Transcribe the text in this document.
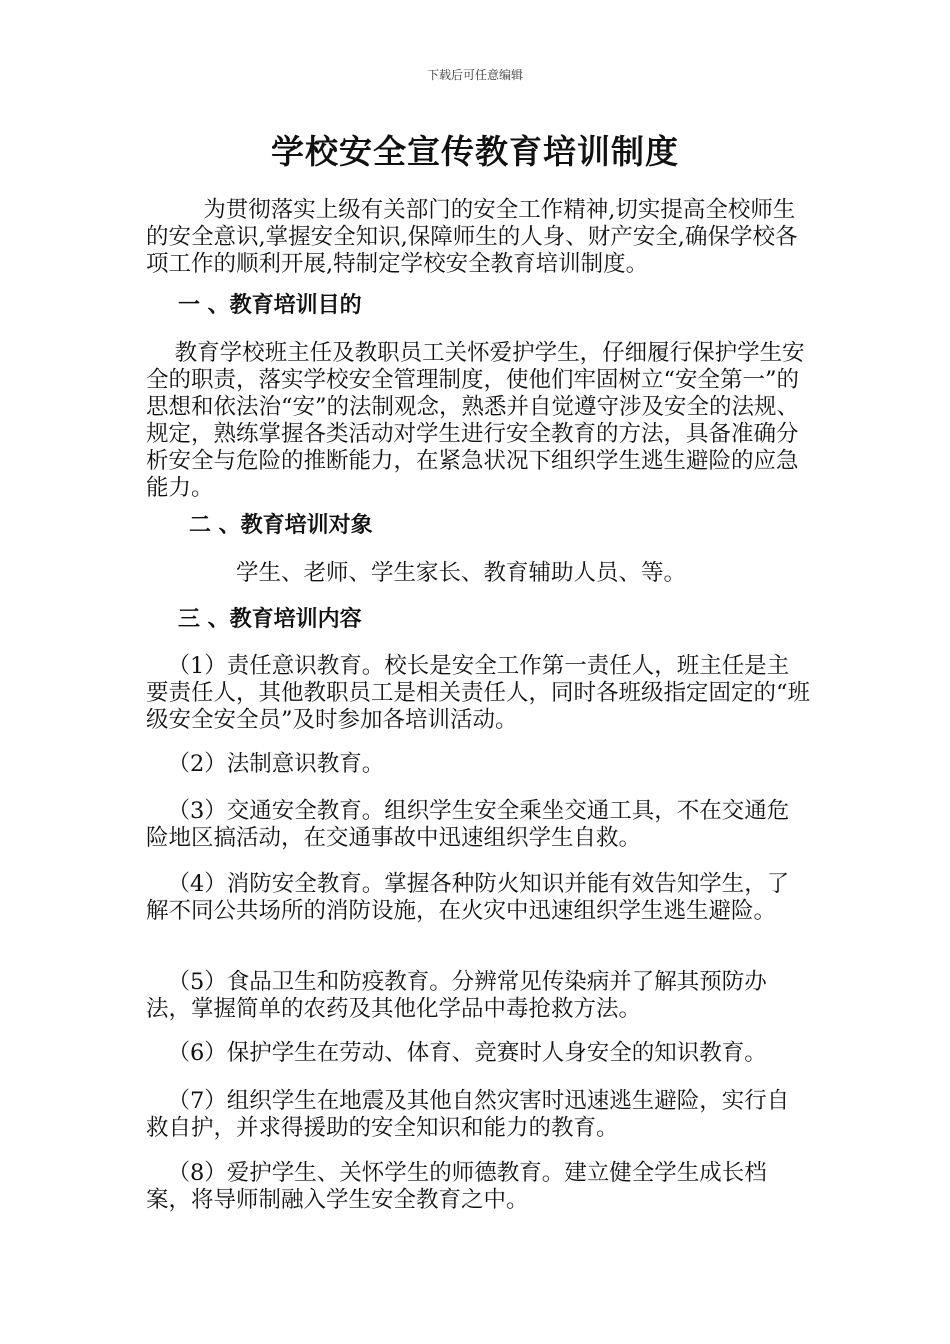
下载后可任意编辑
学校安全宣传教育培训制度

为贯彻落实上级有关部门的安全工作精神,切实提高全校师生的安全意识,掌握安全知识,保障师生的人身、财产安全,确保学校各项工作的顺利开展,特制定学校安全教育培训制度。

一 、教育培训目的

教育学校班主任及教职员工关怀爱护学生，仔细履行保护学生安全的职责，落实学校安全管理制度，使他们牢固树立“安全第一”的思想和依法治“安”的法制观念，熟悉并自觉遵守涉及安全的法规、规定，熟练掌握各类活动对学生进行安全教育的方法，具备准确分析安全与危险的推断能力，在紧急状况下组织学生逃生避险的应急能力。

二 、教育培训对象

学生、老师、学生家长、教育辅助人员、等。

三 、教育培训内容

（1）责任意识教育。校长是安全工作第一责任人，班主任是主要责任人，其他教职员工是相关责任人，同时各班级指定固定的“班级安全安全员”及时参加各培训活动。

（2）法制意识教育。

（3）交通安全教育。组织学生安全乘坐交通工具，不在交通危险地区搞活动，在交通事故中迅速组织学生自救。

（4）消防安全教育。掌握各种防火知识并能有效告知学生，了解不同公共场所的消防设施，在火灾中迅速组织学生逃生避险。

（5）食品卫生和防疫教育。分辨常见传染病并了解其预防办法，掌握简单的农药及其他化学品中毒抢救方法。

（6）保护学生在劳动、体育、竞赛时人身安全的知识教育。

（7）组织学生在地震及其他自然灾害时迅速逃生避险，实行自救自护，并求得援助的安全知识和能力的教育。

（8）爱护学生、关怀学生的师德教育。建立健全学生成长档案，将导师制融入学生安全教育之中。
